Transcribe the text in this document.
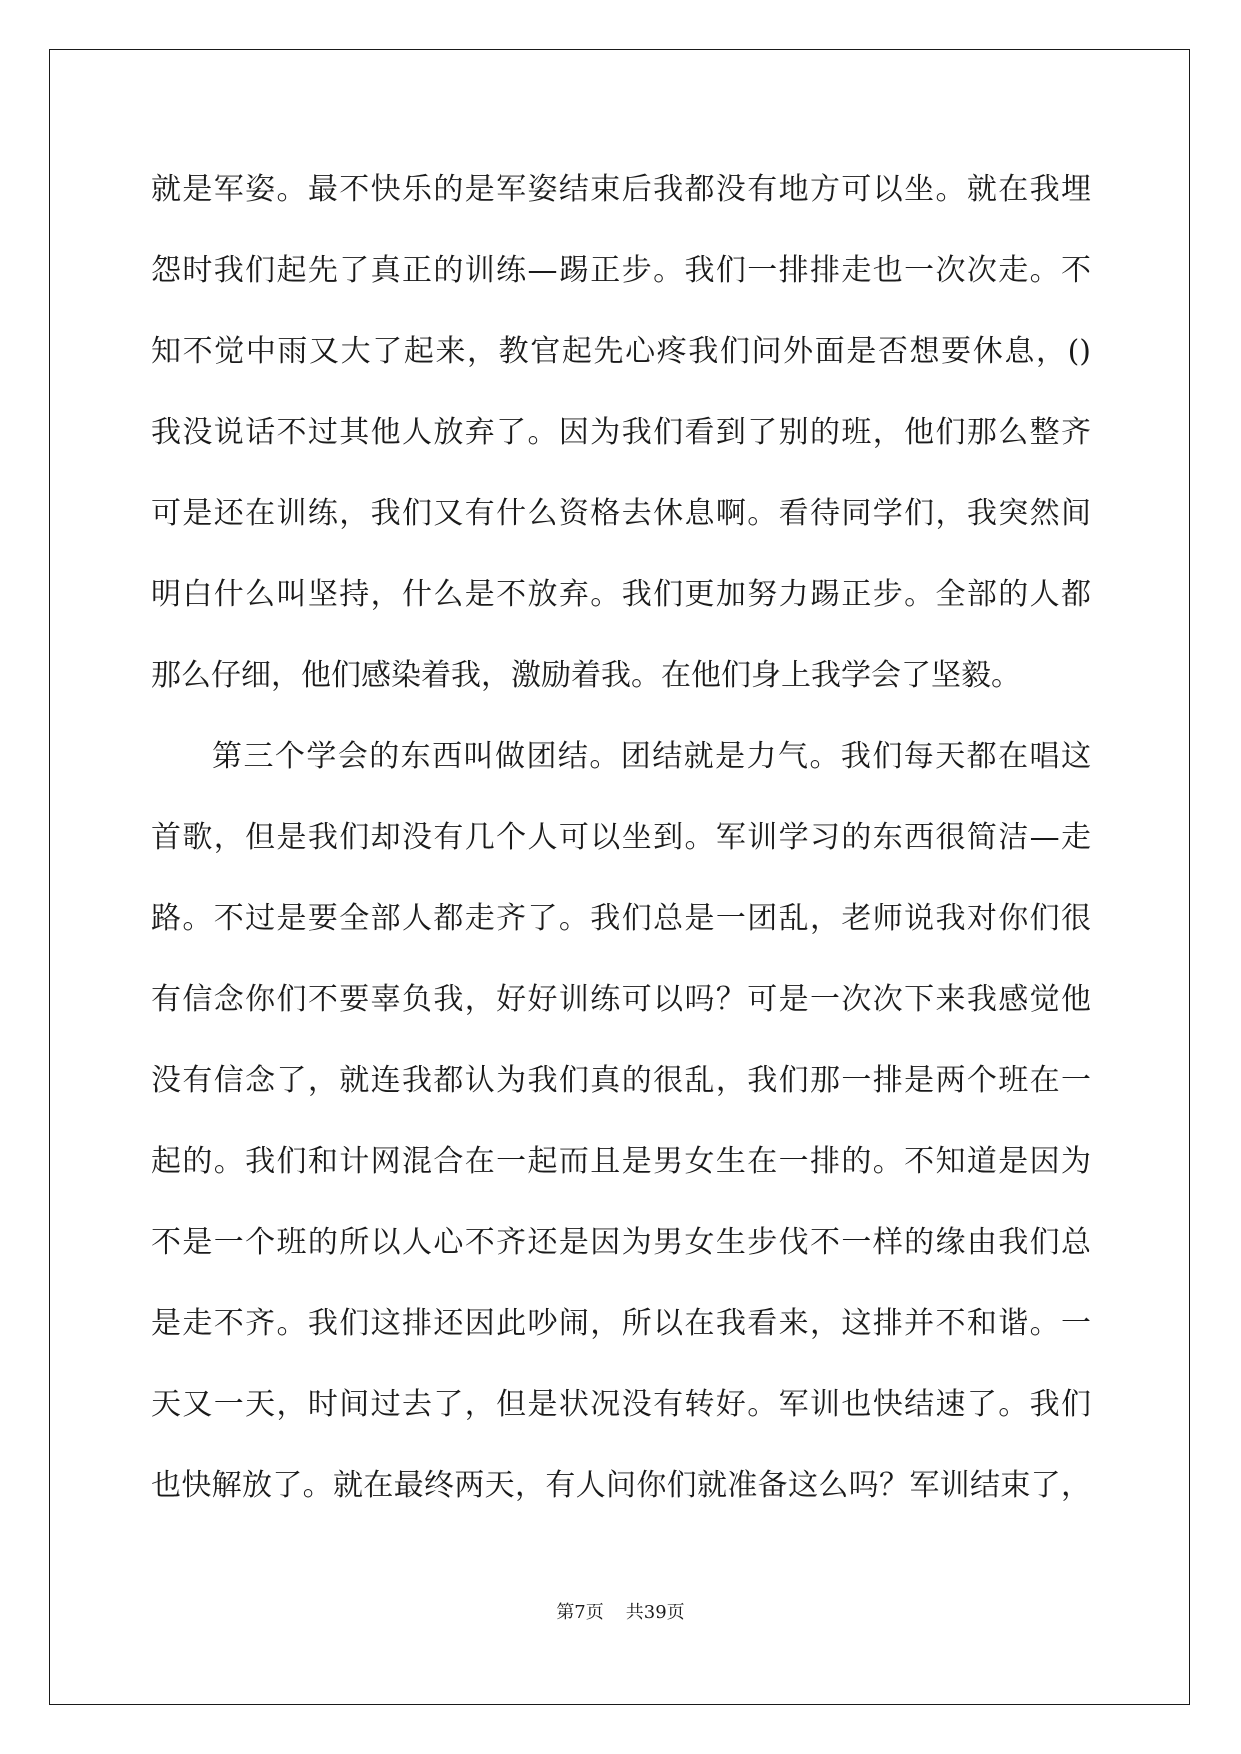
就是军姿。最不快乐的是军姿结束后我都没有地方可以坐。就在我埋
怨时我们起先了真正的训练—踢正步。我们一排排走也一次次走。不
知不觉中雨又大了起来，教官起先心疼我们问外面是否想要休息，()
我没说话不过其他人放弃了。因为我们看到了别的班，他们那么整齐
可是还在训练，我们又有什么资格去休息啊。看待同学们，我突然间
明白什么叫坚持，什么是不放弃。我们更加努力踢正步。全部的人都
那么仔细，他们感染着我，激励着我。在他们身上我学会了坚毅。
第三个学会的东西叫做团结。团结就是力气。我们每天都在唱这
首歌，但是我们却没有几个人可以坐到。军训学习的东西很简洁—走
路。不过是要全部人都走齐了。我们总是一团乱，老师说我对你们很
有信念你们不要辜负我，好好训练可以吗？可是一次次下来我感觉他
没有信念了，就连我都认为我们真的很乱，我们那一排是两个班在一
起的。我们和计网混合在一起而且是男女生在一排的。不知道是因为
不是一个班的所以人心不齐还是因为男女生步伐不一样的缘由我们总
是走不齐。我们这排还因此吵闹，所以在我看来，这排并不和谐。一
天又一天，时间过去了，但是状况没有转好。军训也快结速了。我们
也快解放了。就在最终两天，有人问你们就准备这么吗？军训结束了，
第7页 共39页
